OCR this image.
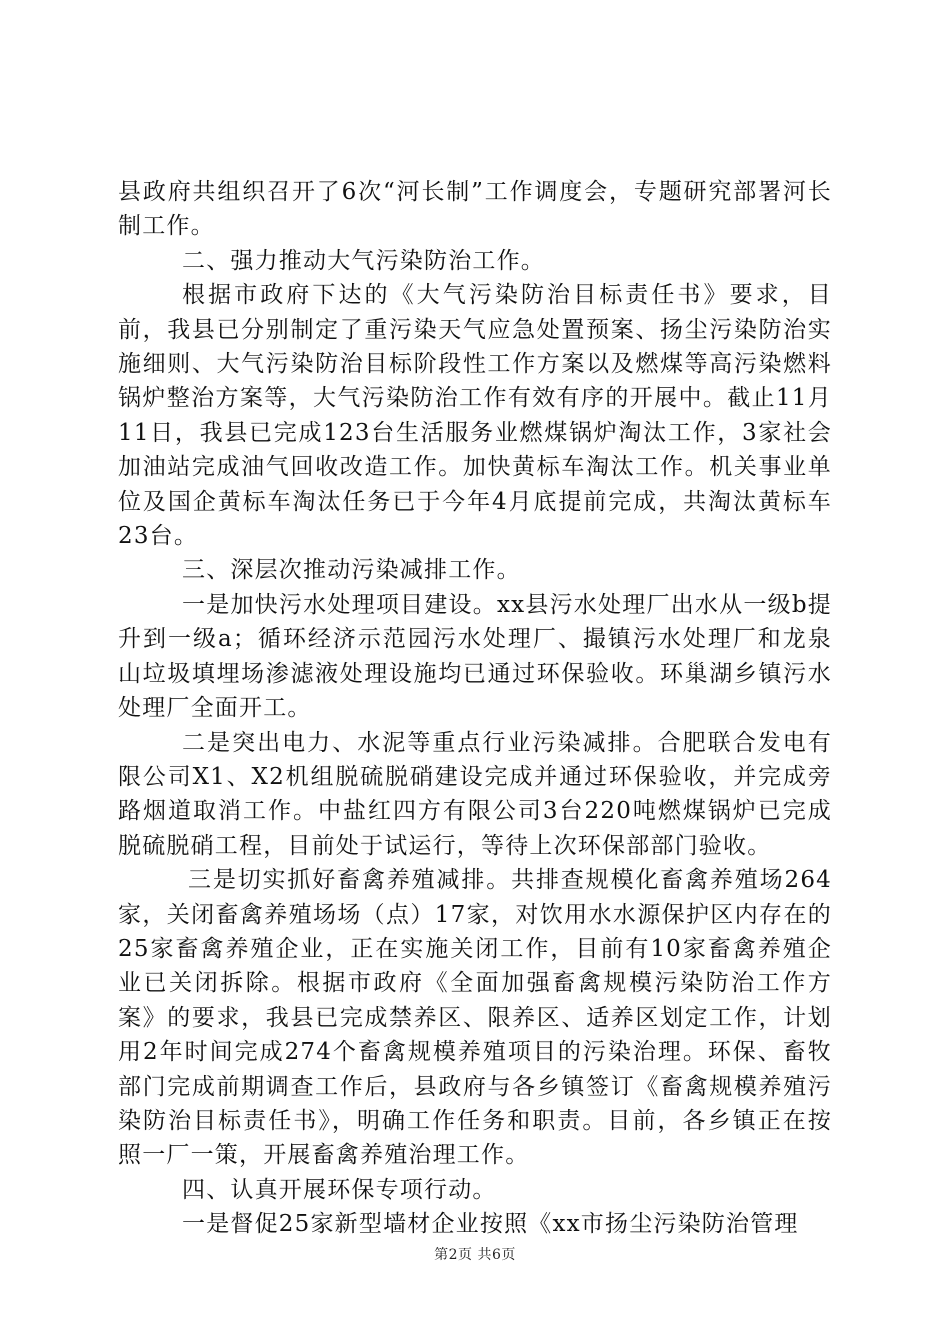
县政府共组织召开了6次“河长制”工作调度会，专题研究部署河长制工作。

二、强力推动大气污染防治工作。

根据市政府下达的《大气污染防治目标责任书》要求，目前，我县已分别制定了重污染天气应急处置预案、扬尘污染防治实施细则、大气污染防治目标阶段性工作方案以及燃煤等高污染燃料锅炉整治方案等，大气污染防治工作有效有序的开展中。截止11月11日，我县已完成123台生活服务业燃煤锅炉淘汰工作，3家社会加油站完成油气回收改造工作。加快黄标车淘汰工作。机关事业单位及国企黄标车淘汰任务已于今年4月底提前完成，共淘汰黄标车23台。

三、深层次推动污染减排工作。

一是加快污水处理项目建设。xx县污水处理厂出水从一级b提升到一级a；循环经济示范园污水处理厂、撮镇污水处理厂和龙泉山垃圾填埋场渗滤液处理设施均已通过环保验收。环巢湖乡镇污水处理厂全面开工。

二是突出电力、水泥等重点行业污染减排。合肥联合发电有限公司X1、X2机组脱硫脱硝建设完成并通过环保验收，并完成旁路烟道取消工作。中盐红四方有限公司3台220吨燃煤锅炉已完成脱硫脱硝工程，目前处于试运行，等待上次环保部部门验收。

三是切实抓好畜禽养殖减排。共排查规模化畜禽养殖场264家，关闭畜禽养殖场场（点）17家，对饮用水水源保护区内存在的25家畜禽养殖企业，正在实施关闭工作，目前有10家畜禽养殖企业已关闭拆除。根据市政府《全面加强畜禽规模污染防治工作方案》的要求，我县已完成禁养区、限养区、适养区划定工作，计划用2年时间完成274个畜禽规模养殖项目的污染治理。环保、畜牧部门完成前期调查工作后，县政府与各乡镇签订《畜禽规模养殖污染防治目标责任书》，明确工作任务和职责。目前，各乡镇正在按照一厂一策，开展畜禽养殖治理工作。

四、认真开展环保专项行动。

一是督促25家新型墙材企业按照《xx市扬尘污染防治管理

第2页 共6页
